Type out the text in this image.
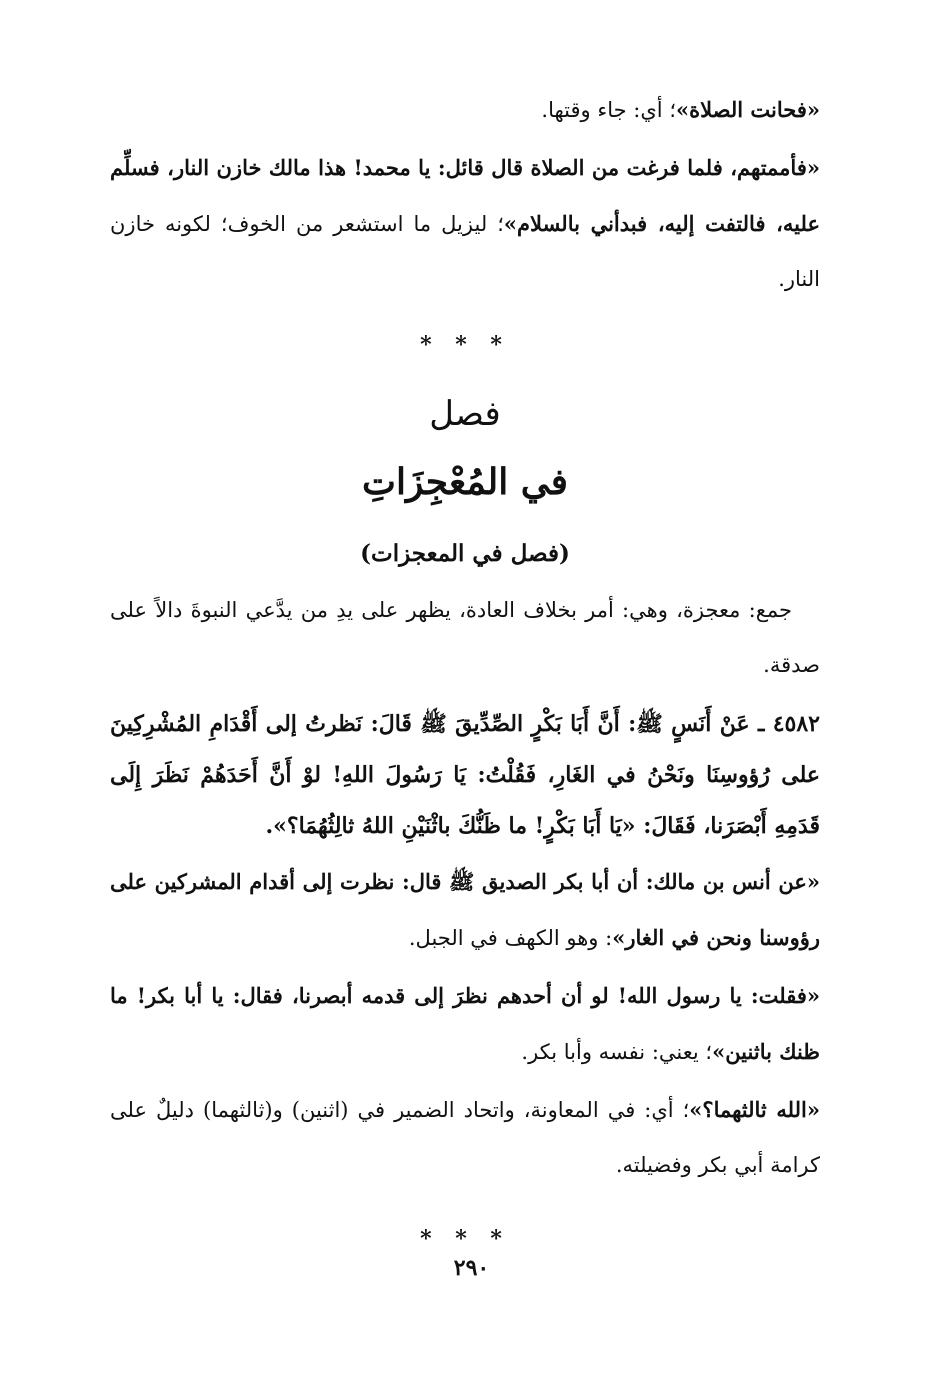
«فحانت الصلاة»؛ أي: جاء وقتها.

«فأممتهم، فلما فرغت من الصلاة قال قائل: يا محمد! هذا مالك خازن النار، فسلِّم عليه، فالتفت إليه، فبدأني بالسلام»؛ ليزيل ما استشعر من الخوف؛ لكونه خازن النار.

* * *
فصل
في المُعْجِزَاتِ
(فصل في المعجزات)

جمع: معجزة، وهي: أمر بخلاف العادة، يظهر على يدِ من يدَّعي النبوةَ دالاً على صدقة.

٤٥٨٢ ـ عَنْ أَنَسٍ ﷺ: أَنَّ أَبَا بَكْرٍ الصِّدِّيقَ ﷺ قَالَ: نَظرتُ إلى أَقْدَامِ المُشْرِكِينَ على رُؤوسِنَا ونَحْنُ في الغَارِ، فَقُلْتُ: يَا رَسُولَ اللهِ! لوْ أَنَّ أَحَدَهُمْ نَظَرَ إِلَى قَدَمِهِ أَبْصَرَنا، فَقَالَ: «يَا أَبَا بَكْرٍ! ما ظَنُّكَ باثْنَيْنِ اللهُ ثالِثُهُمَا؟».

«عن أنس بن مالك: أن أبا بكر الصديق ﷺ قال: نظرت إلى أقدام المشركين على رؤوسنا ونحن في الغار»: وهو الكهف في الجبل.

«فقلت: يا رسول الله! لو أن أحدهم نظرَ إلى قدمه أبصرنا، فقال: يا أبا بكر! ما ظنك باثنين»؛ يعني: نفسه وأبا بكر.

«الله ثالثهما؟»؛ أي: في المعاونة، واتحاد الضمير في (اثنين) و(ثالثهما) دليلٌ على كرامة أبي بكر وفضيلته.

* * *
٢٩٠
